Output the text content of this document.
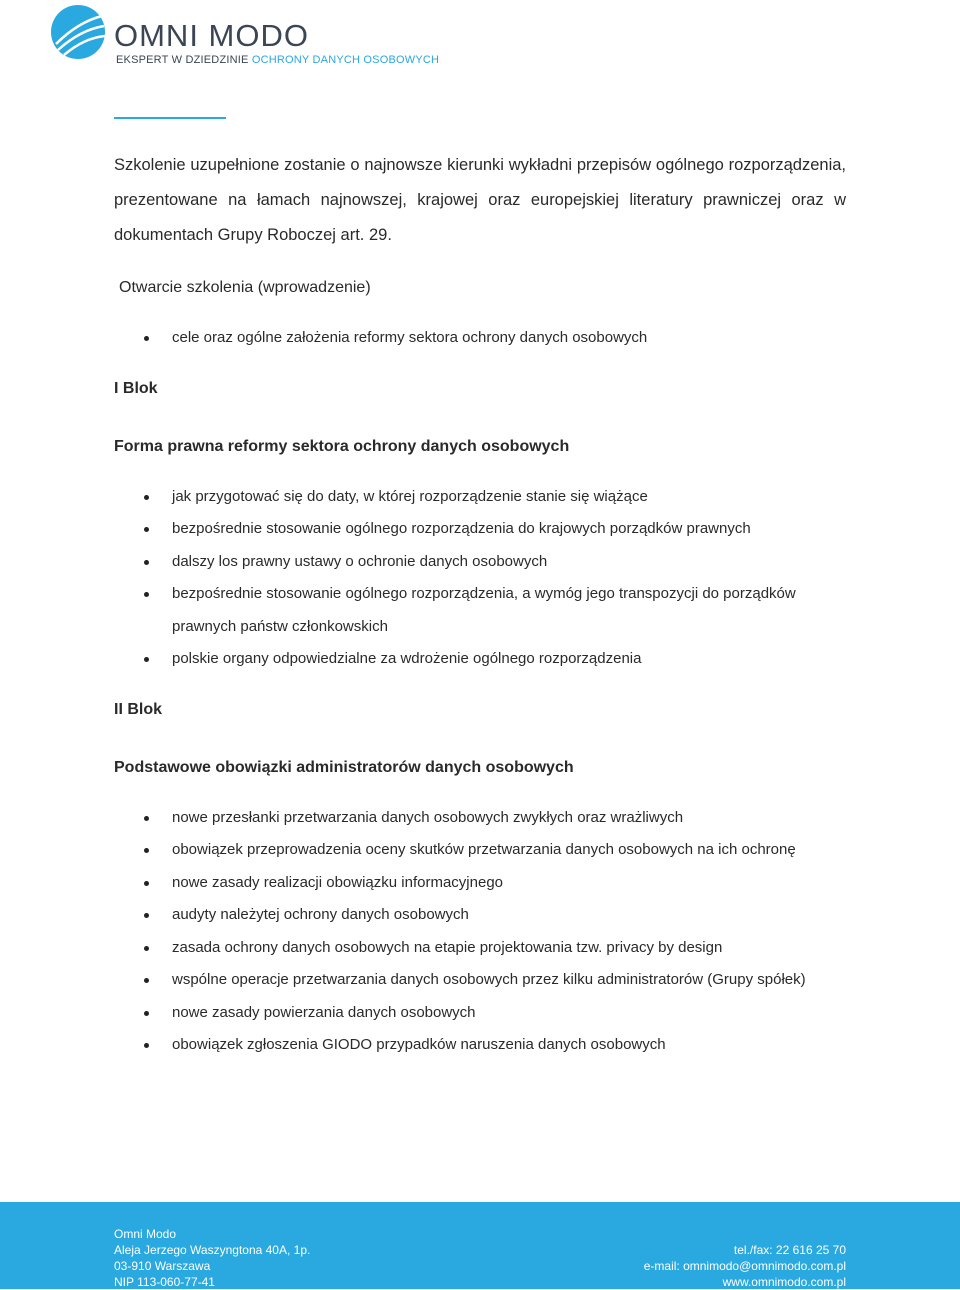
OMNI MODO
EKSPERT W DZIEDZINIE OCHRONY DANYCH OSOBOWYCH

Szkolenie uzupełnione zostanie o najnowsze kierunki wykładni przepisów ogólnego rozporządzenia, prezentowane na łamach najnowszej, krajowej oraz europejskiej literatury prawniczej oraz w dokumentach Grupy Roboczej art. 29.

Otwarcie szkolenia (wprowadzenie)
cele oraz ogólne założenia reformy sektora ochrony danych osobowych
I Blok
Forma prawna reformy sektora ochrony danych osobowych
jak przygotować się do daty, w której rozporządzenie stanie się wiążące
bezpośrednie stosowanie ogólnego rozporządzenia do krajowych porządków prawnych
dalszy los prawny ustawy o ochronie danych osobowych
bezpośrednie stosowanie ogólnego rozporządzenia, a wymóg jego transpozycji do porządków prawnych państw członkowskich
polskie organy odpowiedzialne za wdrożenie ogólnego rozporządzenia
II Blok
Podstawowe obowiązki administratorów danych osobowych
nowe przesłanki przetwarzania danych osobowych zwykłych oraz wrażliwych
obowiązek przeprowadzenia oceny skutków przetwarzania danych osobowych na ich ochronę
nowe zasady realizacji obowiązku informacyjnego
audyty należytej ochrony danych osobowych
zasada ochrony danych osobowych na etapie projektowania tzw. privacy by design
wspólne operacje przetwarzania danych osobowych przez kilku administratorów (Grupy spółek)
nowe zasady powierzania danych osobowych
obowiązek zgłoszenia GIODO przypadków naruszenia danych osobowych
Omni Modo
Aleja Jerzego Waszyngtona 40A, 1p.
03-910 Warszawa
NIP 113-060-77-41
tel./fax: 22 616 25 70
e-mail: omnimodo@omnimodo.com.pl
www.omnimodo.com.pl
